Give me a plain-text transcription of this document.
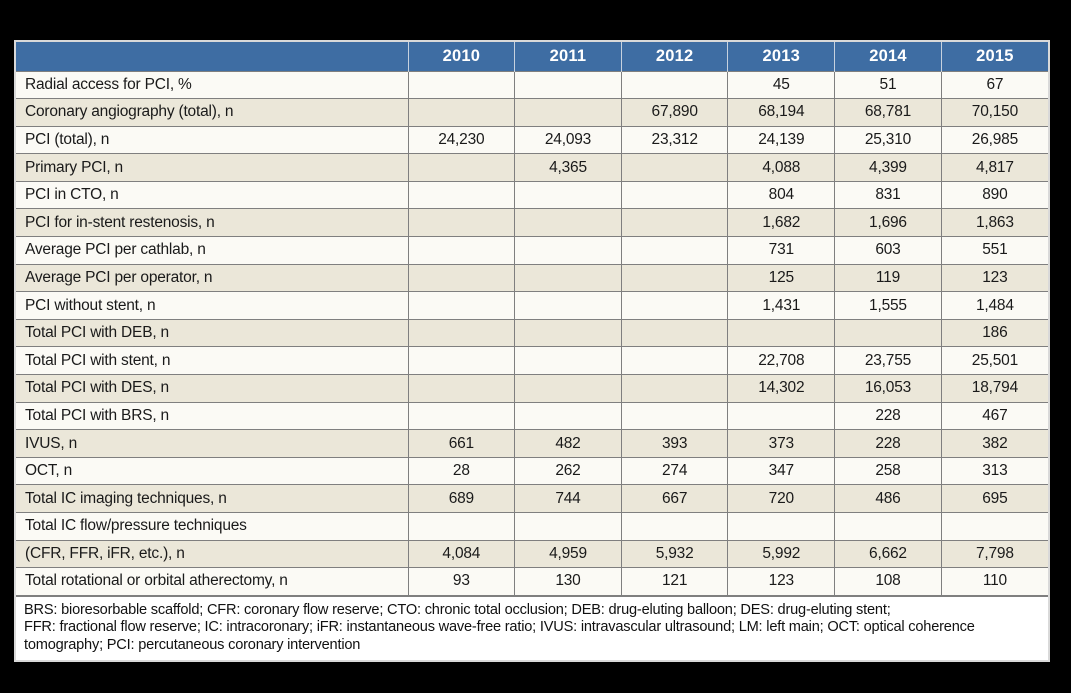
	2010	2011	2012	2013	2014	2015
Radial access for PCI, %				45	51	67
Coronary angiography (total), n			67,890	68,194	68,781	70,150
PCI (total), n	24,230	24,093	23,312	24,139	25,310	26,985
Primary PCI, n		4,365		4,088	4,399	4,817
PCI in CTO, n				804	831	890
PCI for in-stent restenosis, n				1,682	1,696	1,863
Average PCI per cathlab, n				731	603	551
Average PCI per operator, n				125	119	123
PCI without stent, n				1,431	1,555	1,484
Total PCI with DEB, n						186
Total PCI with stent, n				22,708	23,755	25,501
Total PCI with DES, n				14,302	16,053	18,794
Total PCI with BRS, n					228	467
IVUS, n	661	482	393	373	228	382
OCT, n	28	262	274	347	258	313
Total IC imaging techniques, n	689	744	667	720	486	695
Total IC flow/pressure techniques						
(CFR, FFR, iFR, etc.), n	4,084	4,959	5,932	5,992	6,662	7,798
Total rotational or orbital atherectomy, n	93	130	121	123	108	110
BRS: bioresorbable scaffold; CFR: coronary flow reserve; CTO: chronic total occlusion; DEB: drug-eluting balloon; DES: drug-eluting stent;
FFR: fractional flow reserve; IC: intracoronary; iFR: instantaneous wave-free ratio; IVUS: intravascular ultrasound; LM: left main; OCT: optical coherence
tomography; PCI: percutaneous coronary intervention
